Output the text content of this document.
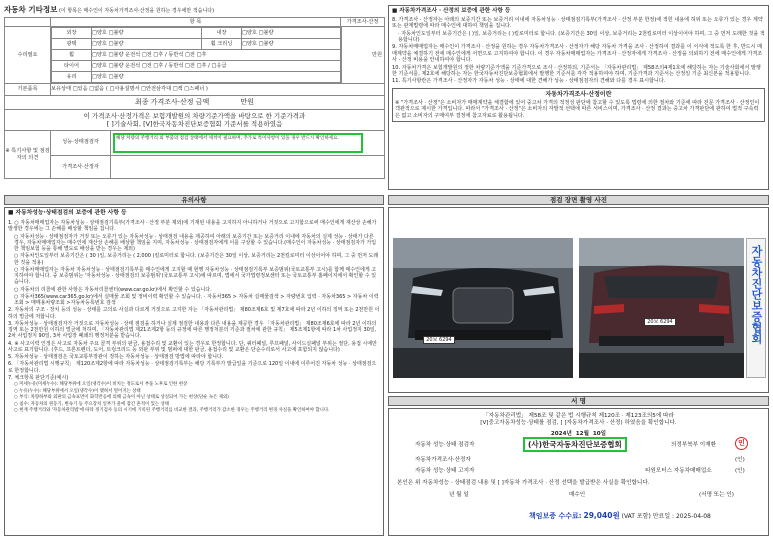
자동차 기타정보 (이 항목은 매수인이 자동차가격조사·산정을 원하는 경우에만 적습니다)
	항 목	가격조사·산정
수리필요	
외장	□양호 □불량	내장	□양호 □불량
광택	□양호 □불량	휠 크리닝	□양호 □불량
휠	□양호 □불량 운전석 □전 □후 / 동반석 □전 □후
타이어	□양호 □불량 운전석 □전 □후 / 동반석 □전 □후 / □응급
유리	□양호 □불량
	만원
기본품목	보유상태 □있음 □없음 ( □사용설명서 □안전삼각대 □잭 □스패너 )
최종 가격조사·산정 금액	만원

이 가격조사·산정가격은 보험개발원의 차량기준가액을 바탕으로 한 기준가격과
[ ]기술사회, [V]한국자동차진단보증협회 기준서를 적용하였음

※ 특기사항 및 점검자의 의견	
성능·상태점검자
해당 차량의 주행거리 외 부품의 점검 상태에서 세척이 필요하며, 추가로 특이사항이 있을 경우 반드시 확인하세요.

가격조사·산정자
■ 자동차가격조사 · 산정의 보증에 관한 사항 등

8. 가격조사 · 산정자는 아래의 보증기간 또는 보증거리 이내에 자동차성능 · 상태점검기록부(가격조사 · 산정 부분 한정)에 적힌 내용에 허위 또는 오류가 있는 경우 계약 또는 관계법령에 따라 매수인에 대하여 책임을 집니다.

· 자동차인도일부터 보증기간은 ( )일, 보증거리는 ( )킬로미터로 합니다. (보증기간은 30일 이상, 보증거리는 2천킬로미터 이상이어야 하며, 그 중 먼저 도래한 것을 적용합니다)

9. 자동차매매업자는 매수인이 가격조사 · 산정을 원하는 경우 자동차가격조사 · 산정자가 해당 자동차 가격을 조사 · 산정하여 결과를 이 서식에 적도록 한 후, 반드시 매매계약을 체결하기 전에 매수인에게 서면으로 고지하여야 합니다. 이 경우 자동차매매업자는 가격조사 · 산정자에게 가격조사 · 산정을 의뢰하기 전에 매수인에게 가격조사 · 산정 비용을 안내하여야 합니다.

10. 자동차가격은 보험개발원의 정한 차량기준가액을 기준가격으로 조사 · 산정하되, 기준서는 「자동차관리법」 제58조의4제1호에 해당하는 자는 기술사회에서 발행한 기준서를, 제2호에 해당하는 자는 한국자동차진단보증협회에서 발행한 기준서를 각각 적용하여야 하며, 기준가격과 기준서는 산정일 기준 최신본을 적용합니다.

11. 특기사항란은 가격조사 · 산정자가 자동차 성능 · 상태에 대한 견해가 성능 · 상태점검자의 견해와 다를 경우 표시합니다.

자동차가격조사·산정이란
※ "가격조사 · 산정"은 소비자가 매매계약을 체결함에 있어 중고차 가격의 적정성 판단에 참고할 수 있도록 법령에 의한 절차와 기준에 따라 전문 가격조사 · 산정인이 객관적으로 제시한 가격입니다. 따라서 "가격조사 · 산정"은 소비자의 자발적 선택에 따른 서비스이며, 가격조사 · 산정 결과는 중고차 가격판단에 관하여 법적 구속력은 없고 소비자의 구매여부 결정에 참고자료로 활용됩니다.
유의사항
■ 자동차성능·상태점검의 보증에 관한 사항 등

1. ○ 자동차매매업자는 자동차성능 · 상태점검기록부(가격조사 · 산정 부분 제외)에 기재된 내용을 고지하지 아니하거나 거짓으로 고지함으로써 매수인에게 재산상 손해가 발생한 경우에는 그 손해를 배상할 책임을 집니다.

○ 자동차성능 · 상태점검자가 거짓 또는 오류가 있는 자동차성능 · 상태점검 내용을 제공하여 아래의 보증기간 또는 보증거리 이내에 자동차의 실제 성능 · 상태가 다른 경우, 자동차매매업자는 매수인에 재산상 손해를 배상할 책임을 지며, 자동차성능 · 상태점검자에게 이를 구상할 수 있습니다.(매수인이 자동차성능 · 상태점검자가 가입한 책임보험 등을 통해 별도로 배상을 받는 경우는 제외)

○ 자동차인도일부터 보증기간은 ( 30 )일, 보증거리는 ( 2,000 )킬로미터로 합니다. (보증기간은 30일 이상, 보증거리는 2천킬로미터 이상이어야 하며, 그 중 먼저 도래한 것을 적용)

○ 자동차매매업자는 자동차 자동차성능 · 상태점검기록부를 매수인에게 고지할 때 현행 자동차성능 · 상태점검기록부 보증범위(국토교통부 고시)를 함께 매수인에게 고지하여야 합니다. 중 보증범위는 '자동차성능 · 상태점검의 보증범위'(국토교통부 고시)에 따르며, 법에서 국가법령정보센터 또는 국토교통부 홈페이지에서 확인할 수 있습니다.

○ 자동차의 리콜에 관한 사항은 자동차리콜센터(www.car.go.kr)에서 확인할 수 있습니다.

○ 자동차365(www.car365.go.kr)에서 실매물 조회 및 정비이력 확인할 수 있습니다. · 자동차365 > 자동차 실매물검색 > 자량번호 입력 · 자동차365 > 자동차 이력조회 > 매매용차량조회 >자동차등록번호 검색

2. 자동차의 구조 · 장치 등의 성능 · 상태를 고의로 사실과 다르게 거짓으로 고지한 자는 「자동차관리법」 제80조제6호 및 제7호에 따라 2년 이하의 징역 또는 2천만원 이하의 벌금에 처합니다.

3. 자동차성능 · 상태점검자가 거짓으로 자동차성능 · 상태 점검을 하거나 실제 점검한 내용과 다른 내용을 제공한 경우 「자동차관리법」 제80조제6호에 따라 2년 이하의 징역 또는 2천만원 이하의 벌금에 처하며, 「자동차관리법 제21조제2항 등의 규정에 따른 행정처분의 기준과 절차에 관한 규칙」 제5조제1항에 따라 1차 사업정지 30일, 2차 사업정지 90일, 3차 사업장 폐쇄의 행정처분을 받습니다.

4. ※ 사고이력 인정은 사고로 자동차 주요 골격 부위의 판금, 용접수리 및 교환이 있는 경우로 한정합니다. 단, 쿼터패널, 루프패널, 사이드실패널 부위는 절단, 용접 시에만 사고로 표기합니다. (후드, 프론트펜더, 도어, 트렁크리드 등 외판 부위 및 범퍼에 대한 판금, 용접수리 및 교환은 단순수리로서 사고에 포함되지 않습니다)

5. 자동차성능 · 상태점검은 국토교통부장관이 정하는 자동차성능 · 상태점검 방법에 따라야 합니다.

6. 「자동차관리법 시행규칙」 제120조제2항에 따라 자동차성능 · 상태점검기록부는 해당 기록부가 발급일을 기준으로 120일 이내에 이루어진 자동차 성능 · 상태점검으로 한정합니다.

7. 체크항목 판단기준(예시)

○ 미세누유(미세누수): 해당부위에 오일(냉각수)이 비치는 정도로서 부품 노후로 인한 현상

○ 누유(누수): 해당부위에서 오일(냉각수)이 맺혀서 떨어지는 상태

○ 부식: 차량하부와 외판의 금속표면이 화학반응에 의해 금속이 아닌 상태로 상실되어 가는 현상(단순 녹은 제외)

○ 침수: 자동차의 원동기, 변속기 등 주요장치 일부가 물에 잠긴 흔적이 있는 상태

○ 현재 주행거리와 '자동차관리법'에 따라 정기검사 등의 시기에 기록된 주행거리를 비교한 결과, 주행거리가 감소한 경우는 주행거리 변경 사실을 확인하여야 합니다.

점검 장면 촬영 사진
20보 6294
20보 6294	자동차진단보증협회
서 명
「자동차관리법」 제58조 및 같은 법 시행규칙 제120조 · 제123조의5에 따라
[V]중고자동차성능·상태를 점검, [ ]자동차가격조사 · 산정) 하였음을 확인합니다.
2024년 12월 10일
자동차 성능·상태 점검자	(사)한국자동차진단보증협회	의정부북부 이재환	인
자동차가격조사·산정자	(인)
자동차 성능·상태 고지자	티원모터스 자동차매매업소	(인)
본인은 위 자동차성능 · 상태점검 내용 및 [ ]자동차 가격조사 · 산정 선택을 발급받은 사실을 확인합니다.
년 월 일	매수인	(서명 또는 인)
책임보증 수수료: 29,040원 (VAT 포함) 만료일 : 2025-04-08
